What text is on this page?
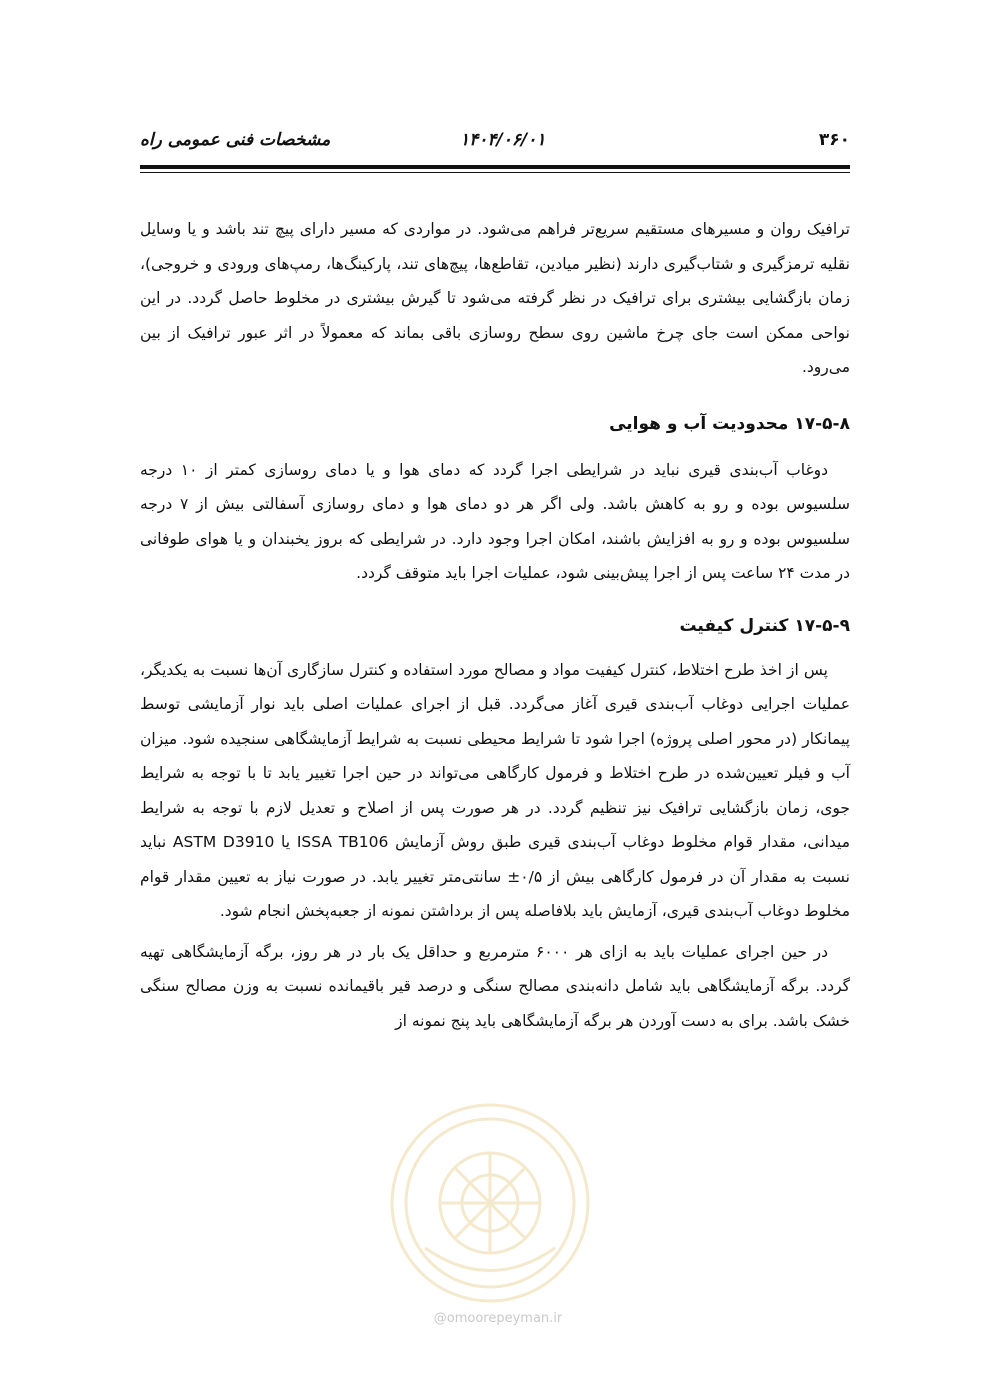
مشخصات فنی عمومی راه	۱۴۰۴/۰۶/۰۱	۳۶۰

ترافیک روان و مسیرهای مستقیم سریع‌تر فراهم می‌شود. در مواردی که مسیر دارای پیچ تند باشد و یا وسایل نقلیه ترمزگیری و شتاب‌گیری دارند (نظیر میادین، تقاطع‌ها، پیچ‌های تند، پارکینگ‌ها، رمپ‌های ورودی و خروجی)، زمان بازگشایی بیشتری برای ترافیک در نظر گرفته می‌شود تا گیرش بیشتری در مخلوط حاصل گردد. در این نواحی ممکن است جای چرخ ماشین روی سطح روسازی باقی بماند که معمولاً در اثر عبور ترافیک از بین می‌رود.

۱۷-۵-۸ محدودیت آب و هوایی

دوغاب آب‌بندی قیری نباید در شرایطی اجرا گردد که دمای هوا و یا دمای روسازی کمتر از ۱۰ درجه سلسیوس بوده و رو به کاهش باشد. ولی اگر هر دو دمای هوا و دمای روسازی آسفالتی بیش از ۷ درجه سلسیوس بوده و رو به افزایش باشند، امکان اجرا وجود دارد. در شرایطی که بروز یخبندان و یا هوای طوفانی در مدت ۲۴ ساعت پس از اجرا پیش‌بینی شود، عملیات اجرا باید متوقف گردد.

۱۷-۵-۹ کنترل کیفیت

پس از اخذ طرح اختلاط، کنترل کیفیت مواد و مصالح مورد استفاده و کنترل سازگاری آن‌ها نسبت به یکدیگر، عملیات اجرایی دوغاب آب‌بندی قیری آغاز می‌گردد. قبل از اجرای عملیات اصلی باید نوار آزمایشی توسط پیمانکار (در محور اصلی پروژه) اجرا شود تا شرایط محیطی نسبت به شرایط آزمایشگاهی سنجیده شود. میزان آب و فیلر تعیین‌شده در طرح اختلاط و فرمول کارگاهی می‌تواند در حین اجرا تغییر یابد تا با توجه به شرایط جوی، زمان بازگشایی ترافیک نیز تنظیم گردد. در هر صورت پس از اصلاح و تعدیل لازم با توجه به شرایط میدانی، مقدار قوام مخلوط دوغاب آب‌بندی قیری طبق روش آزمایش ISSA TB106 یا ASTM D3910 نباید نسبت به مقدار آن در فرمول کارگاهی بیش از ۰/۵± سانتی‌متر تغییر یابد. در صورت نیاز به تعیین مقدار قوام مخلوط دوغاب آب‌بندی قیری، آزمایش باید بلافاصله پس از برداشتن نمونه از جعبه‌پخش انجام شود.

در حین اجرای عملیات باید به ازای هر ۶۰۰۰ مترمربع و حداقل یک بار در هر روز، برگه آزمایشگاهی تهیه گردد. برگه آزمایشگاهی باید شامل دانه‌بندی مصالح سنگی و درصد قیر باقیمانده نسبت به وزن مصالح سنگی خشک باشد. برای به دست آوردن هر برگه آزمایشگاهی باید پنج نمونه از

@omoorepeyman.ir
